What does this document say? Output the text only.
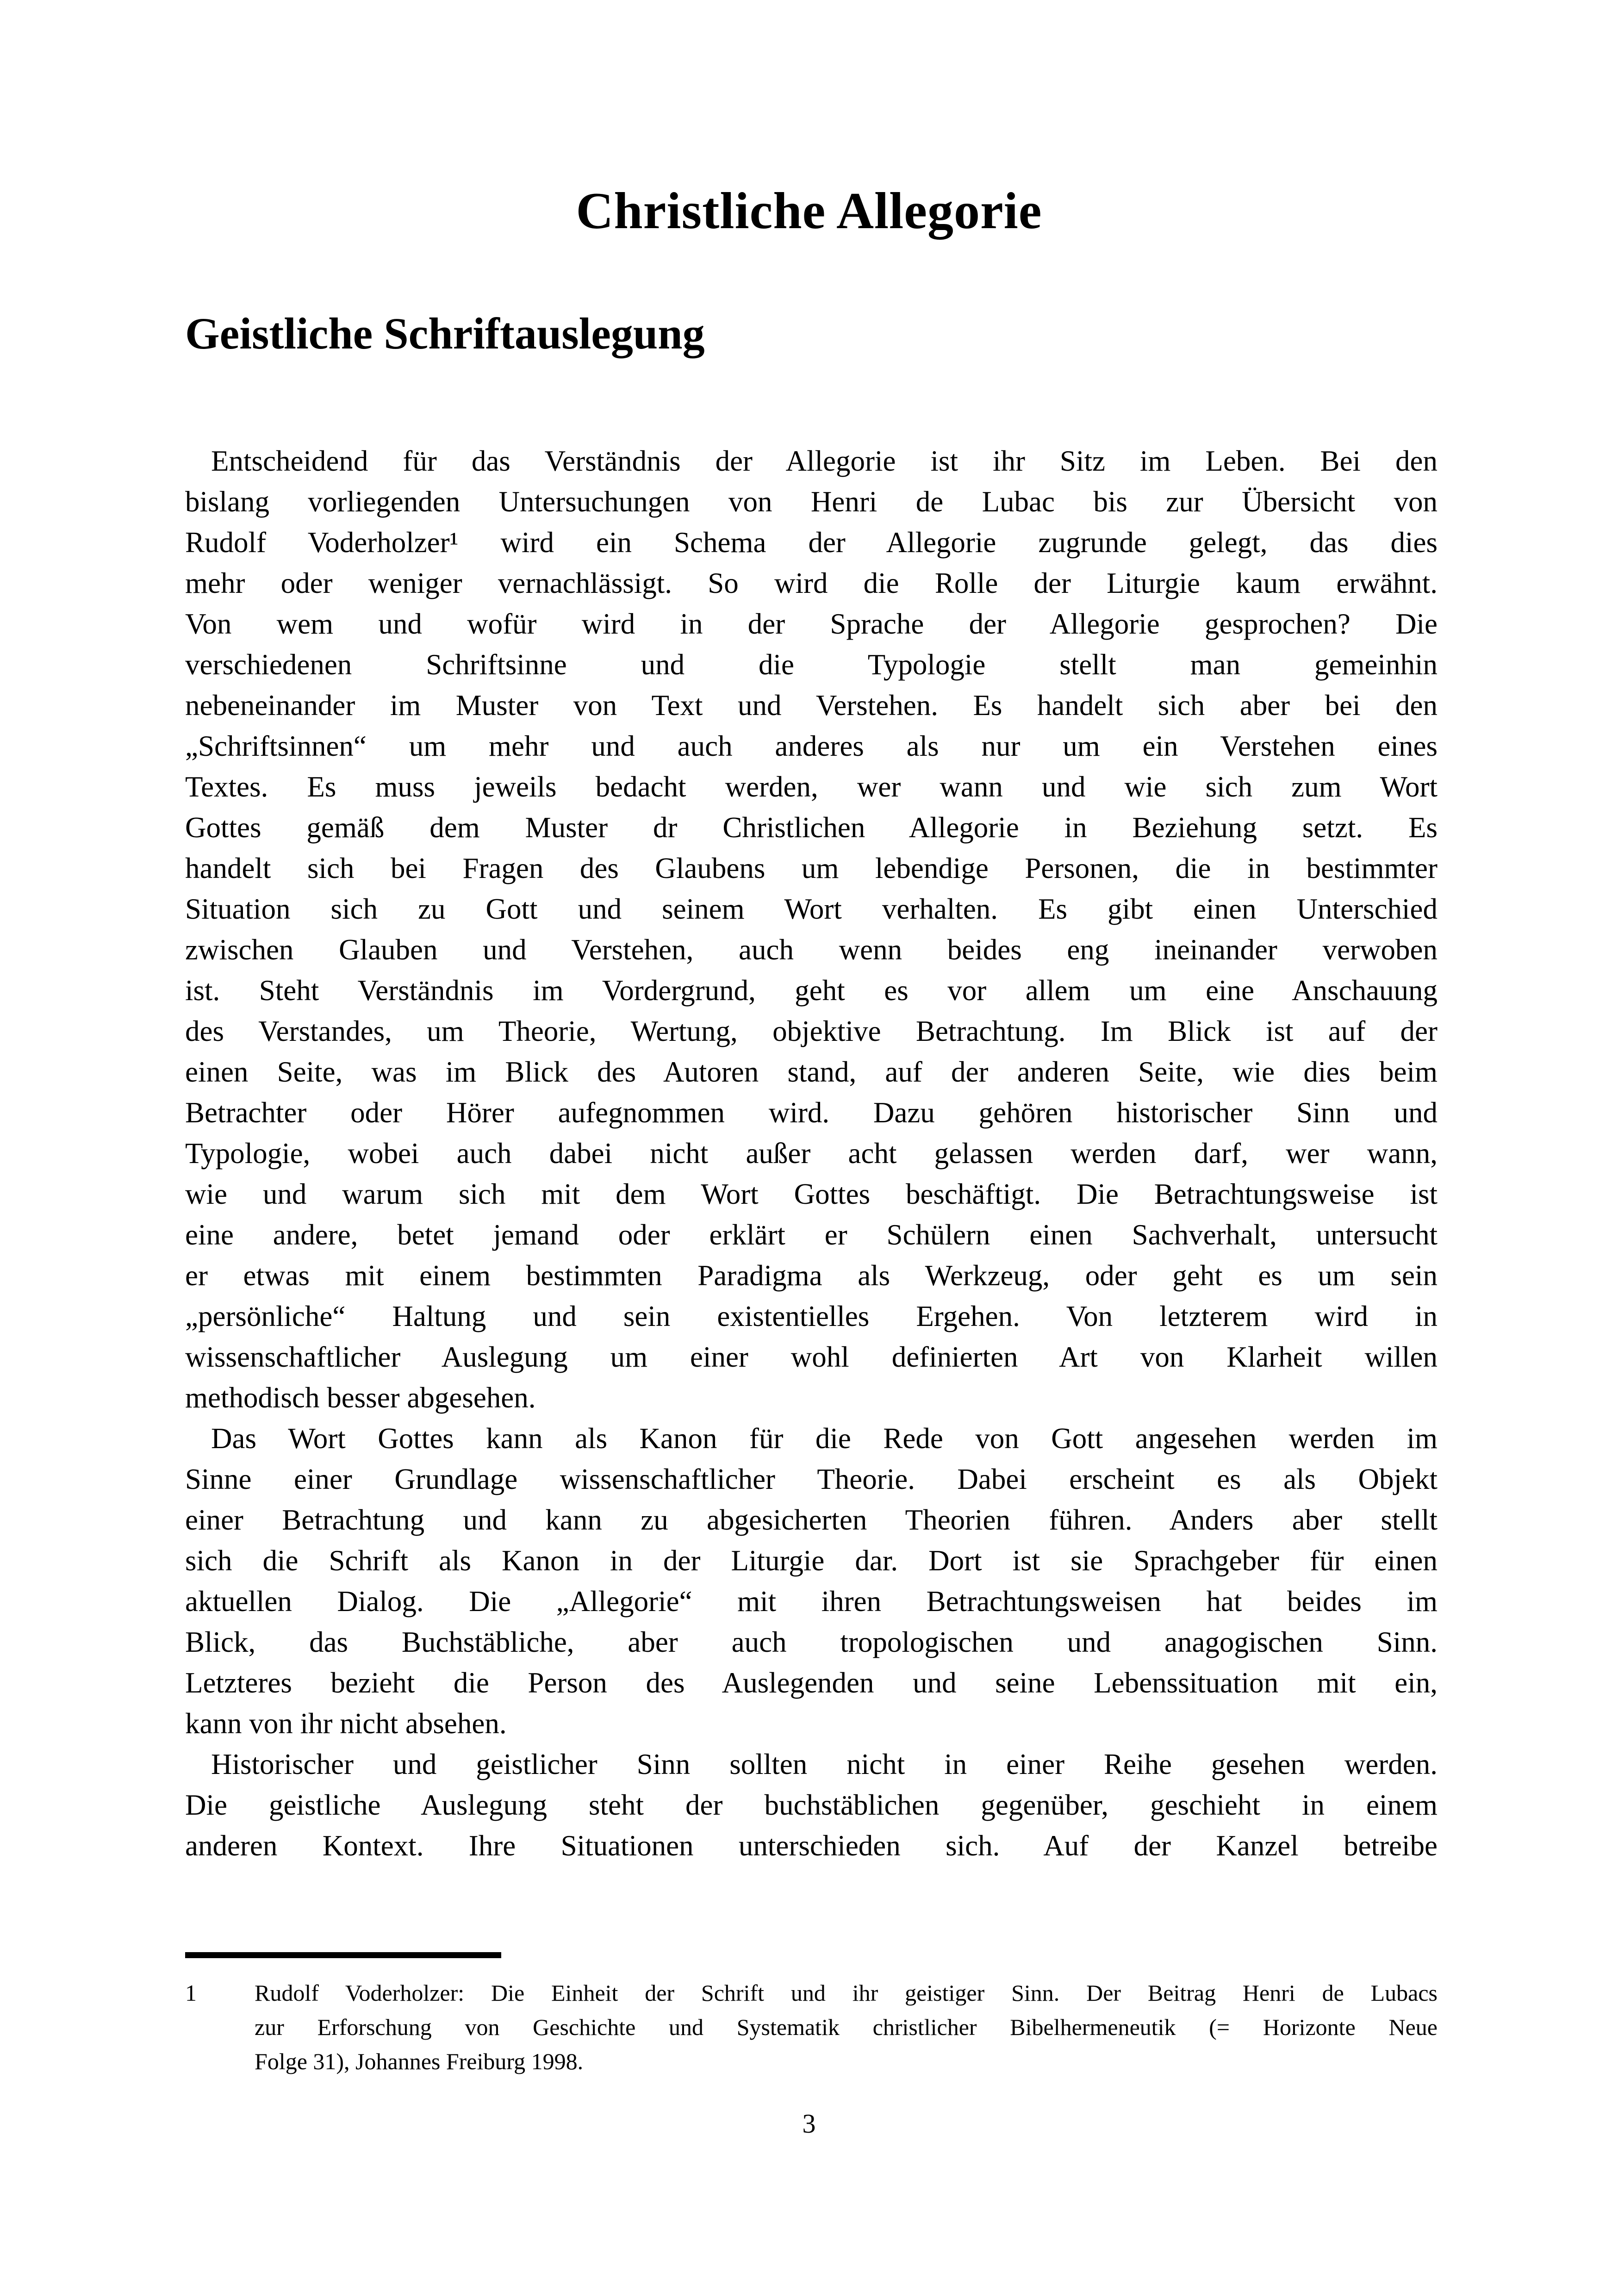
Christliche Allegorie
Geistliche Schriftauslegung
Entscheidend für das Verständnis der Allegorie ist ihr Sitz im Leben. Bei den
bislang vorliegenden Untersuchungen von Henri de Lubac bis zur Übersicht von
Rudolf Voderholzer¹ wird ein Schema der Allegorie zugrunde gelegt, das dies
mehr oder weniger vernachlässigt. So wird die Rolle der Liturgie kaum erwähnt.
Von wem und wofür wird in der Sprache der Allegorie gesprochen? Die
verschiedenen Schriftsinne und die Typologie stellt man gemeinhin
nebeneinander im Muster von Text und Verstehen. Es handelt sich aber bei den
„Schriftsinnen“ um mehr und auch anderes als nur um ein Verstehen eines
Textes. Es muss jeweils bedacht werden, wer wann und wie sich zum Wort
Gottes gemäß dem Muster dr Christlichen Allegorie in Beziehung setzt. Es
handelt sich bei Fragen des Glaubens um lebendige Personen, die in bestimmter
Situation sich zu Gott und seinem Wort verhalten. Es gibt einen Unterschied
zwischen Glauben und Verstehen, auch wenn beides eng ineinander verwoben
ist. Steht Verständnis im Vordergrund, geht es vor allem um eine Anschauung
des Verstandes, um Theorie, Wertung, objektive Betrachtung. Im Blick ist auf der
einen Seite, was im Blick des Autoren stand, auf der anderen Seite, wie dies beim
Betrachter oder Hörer aufegnommen wird. Dazu gehören historischer Sinn und
Typologie, wobei auch dabei nicht außer acht gelassen werden darf, wer wann,
wie und warum sich mit dem Wort Gottes beschäftigt. Die Betrachtungsweise ist
eine andere, betet jemand oder erklärt er Schülern einen Sachverhalt, untersucht
er etwas mit einem bestimmten Paradigma als Werkzeug, oder geht es um sein
„persönliche“ Haltung und sein existentielles Ergehen. Von letzterem wird in
wissenschaftlicher Auslegung um einer wohl definierten Art von Klarheit willen
methodisch besser abgesehen.
Das Wort Gottes kann als Kanon für die Rede von Gott angesehen werden im
Sinne einer Grundlage wissenschaftlicher Theorie. Dabei erscheint es als Objekt
einer Betrachtung und kann zu abgesicherten Theorien führen. Anders aber stellt
sich die Schrift als Kanon in der Liturgie dar. Dort ist sie Sprachgeber für einen
aktuellen Dialog. Die „Allegorie“ mit ihren Betrachtungsweisen hat beides im
Blick, das Buchstäbliche, aber auch tropologischen und anagogischen Sinn.
Letzteres bezieht die Person des Auslegenden und seine Lebenssituation mit ein,
kann von ihr nicht absehen.
Historischer und geistlicher Sinn sollten nicht in einer Reihe gesehen werden.
Die geistliche Auslegung steht der buchstäblichen gegenüber, geschieht in einem
anderen Kontext. Ihre Situationen unterschieden sich. Auf der Kanzel betreibe
1	Rudolf Voderholzer: Die Einheit der Schrift und ihr geistiger Sinn. Der Beitrag Henri de Lubacs
zur Erforschung von Geschichte und Systematik christlicher Bibelhermeneutik (= Horizonte Neue
Folge 31), Johannes Freiburg 1998.
3
